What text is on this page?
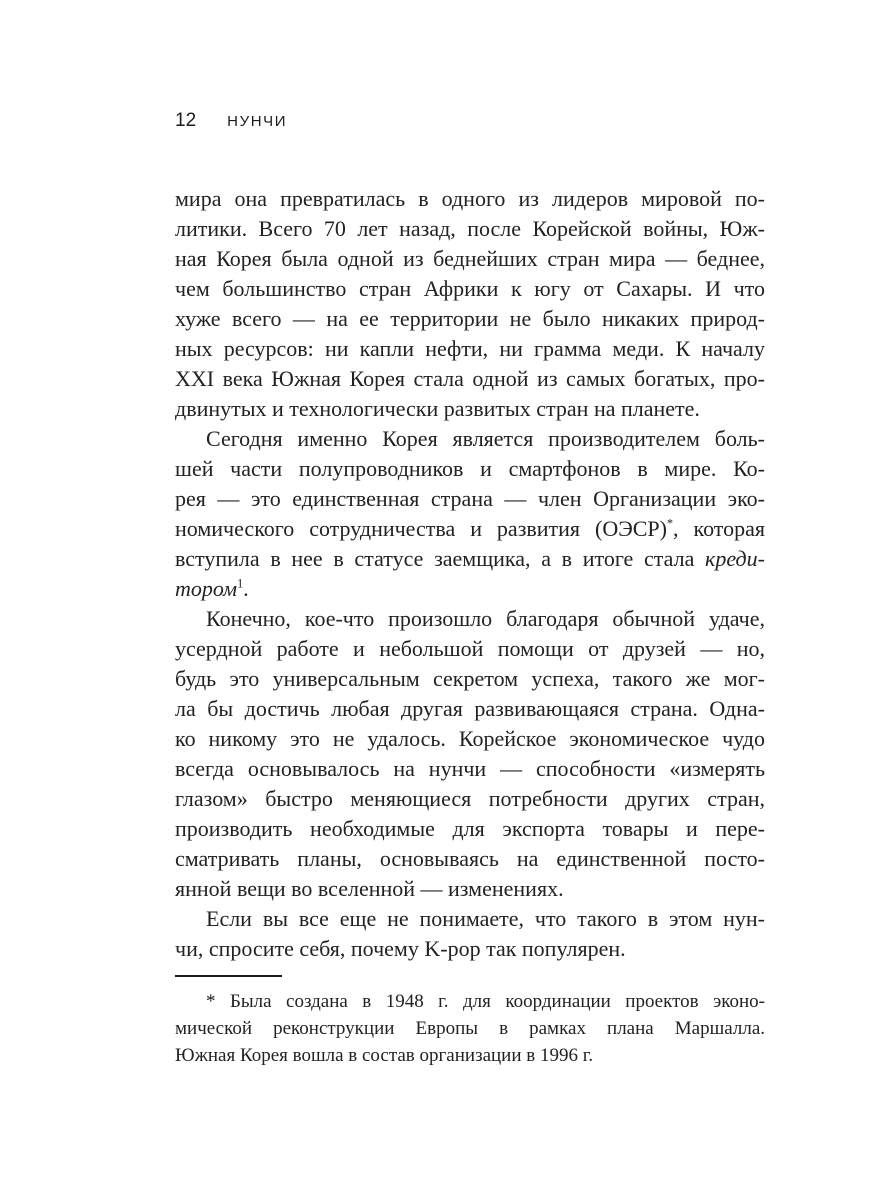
12 НУНЧИ
мира она превратилась в одного из лидеров мировой по-
литики. Всего 70 лет назад, после Корейской войны, Юж-
ная Корея была одной из беднейших стран мира — беднее,
чем большинство стран Африки к югу от Сахары. И что
хуже всего — на ее территории не было никаких природ-
ных ресурсов: ни капли нефти, ни грамма меди. К началу
XXI века Южная Корея стала одной из самых богатых, про-
двинутых и технологически развитых стран на планете.
Сегодня именно Корея является производителем боль-
шей части полупроводников и смартфонов в мире. Ко-
рея — это единственная страна — член Организации эко-
номического сотрудничества и развития (ОЭСР)*, которая
вступила в нее в статусе заемщика, а в итоге стала креди-
тором$^1$.
Конечно, кое-что произошло благодаря обычной удаче,
усердной работе и небольшой помощи от друзей — но,
будь это универсальным секретом успеха, такого же мог-
ла бы достичь любая другая развивающаяся страна. Одна-
ко никому это не удалось. Корейское экономическое чудо
всегда основывалось на нунчи — способности «измерять
глазом» быстро меняющиеся потребности других стран,
производить необходимые для экспорта товары и пере-
сматривать планы, основываясь на единственной посто-
янной вещи во вселенной — изменениях.
Если вы все еще не понимаете, что такого в этом нун-
чи, спросите себя, почему K-pop так популярен.
* Была создана в 1948 г. для координации проектов эконо-
мической реконструкции Европы в рамках плана Маршалла.
Южная Корея вошла в состав организации в 1996 г.
